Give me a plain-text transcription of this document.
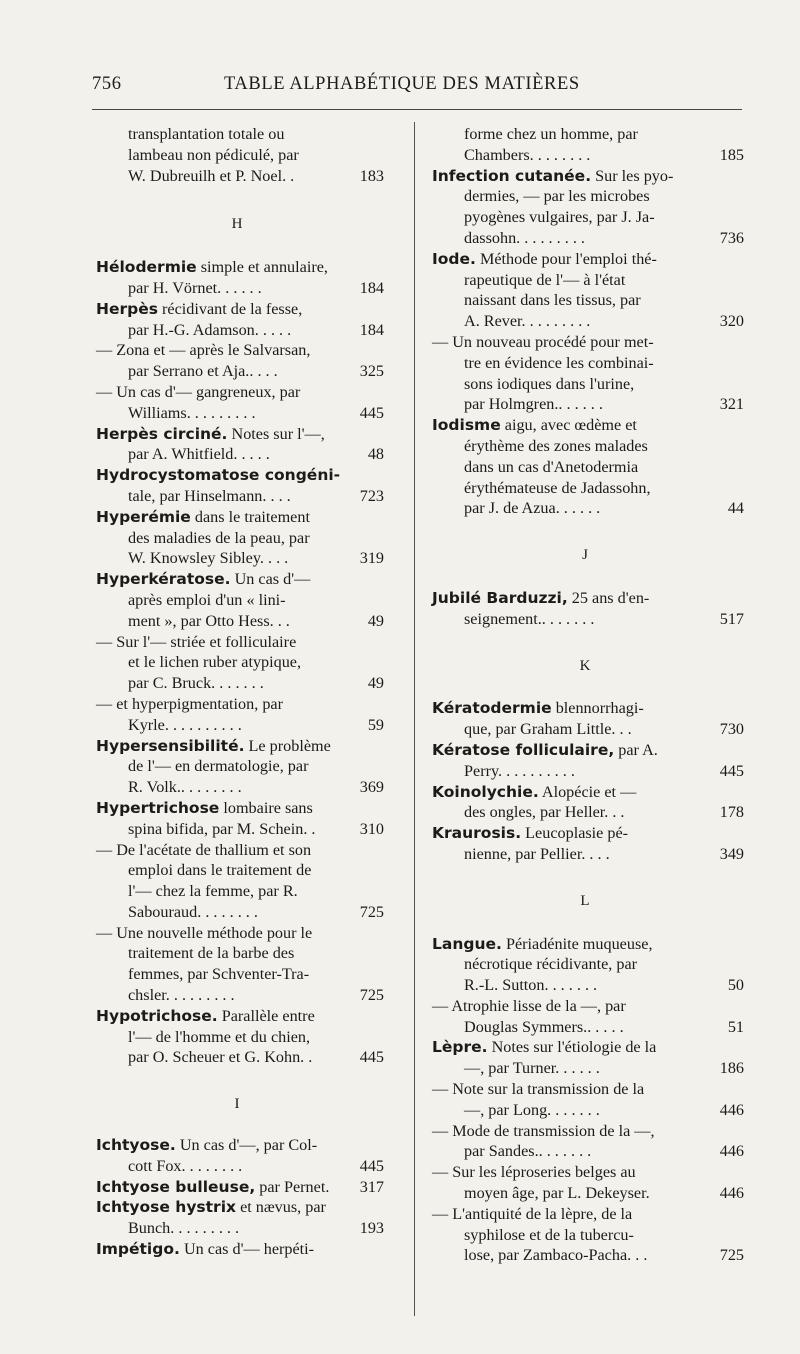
756	TABLE ALPHABÉTIQUE DES MATIÈRES
transplantation totale ou
lambeau non pédiculé, par
W. Dubreuilh et P. Noel. .	183
H
Hélodermie simple et annulaire,
par H. Vörnet. . . . . .	184
Herpès récidivant de la fesse,
par H.-G. Adamson. . . . .	184
— Zona et — après le Salvarsan,
par Serrano et Aja.. . . .	325
— Un cas d'— gangreneux, par
Williams. . . . . . . . .	445
Herpès circiné. Notes sur l'—,
par A. Whitfield. . . . .	48
Hydrocystomatose congéni-
tale, par Hinselmann. . . .	723
Hyperémie dans le traitement
des maladies de la peau, par
W. Knowsley Sibley. . . .	319
Hyperkératose. Un cas d'—
après emploi d'un « lini-
ment », par Otto Hess. . .	49
— Sur l'— striée et folliculaire
et le lichen ruber atypique,
par C. Bruck. . . . . . .	49
— et hyperpigmentation, par
Kyrle. . . . . . . . . .	59
Hypersensibilité. Le problème
de l'— en dermatologie, par
R. Volk.. . . . . . . .	369
Hypertrichose lombaire sans
spina bifida, par M. Schein. .	310
— De l'acétate de thallium et son
emploi dans le traitement de
l'— chez la femme, par R.
Sabouraud. . . . . . . .	725
— Une nouvelle méthode pour le
traitement de la barbe des
femmes, par Schventer-Tra-
chsler. . . . . . . . .	725
Hypotrichose. Parallèle entre
l'— de l'homme et du chien,
par O. Scheuer et G. Kohn. .	445
I
Ichtyose. Un cas d'—, par Col-
cott Fox. . . . . . . .	445
Ichtyose bulleuse, par Pernet. 317
Ichtyose hystrix et nævus, par
Bunch. . . . . . . . .	193
Impétigo. Un cas d'— herpéti-
forme chez un homme, par
Chambers. . . . . . . .	185
Infection cutanée. Sur les pyo-
dermies, — par les microbes
pyogènes vulgaires, par J. Ja-
dassohn. . . . . . . . .	736
Iode. Méthode pour l'emploi thé-
rapeutique de l'— à l'état
naissant dans les tissus, par
A. Rever. . . . . . . . .	320
— Un nouveau procédé pour met-
tre en évidence les combinai-
sons iodiques dans l'urine,
par Holmgren.. . . . . .	321
Iodisme aigu, avec œdème et
érythème des zones malades
dans un cas d'Anetodermia
érythémateuse de Jadassohn,
par J. de Azua. . . . . .	44
J
Jubilé Barduzzi, 25 ans d'en-
seignement.. . . . . . .	517
K
Kératodermie blennorrhagi-
que, par Graham Little. . .	730
Kératose folliculaire, par A.
Perry. . . . . . . . . .	445
Koinolychie. Alopécie et —
des ongles, par Heller. . .	178
Kraurosis. Leucoplasie pé-
nienne, par Pellier. . . .	349
L
Langue. Périadénite muqueuse,
nécrotique récidivante, par
R.-L. Sutton. . . . . . .	50
— Atrophie lisse de la —, par
Douglas Symmers.. . . . .	51
Lèpre. Notes sur l'étiologie de la
—, par Turner. . . . . .	186
— Note sur la transmission de la
—, par Long. . . . . . .	446
— Mode de transmission de la —,
par Sandes.. . . . . . .	446
— Sur les léproseries belges au
moyen âge, par L. Dekeyser.	446
— L'antiquité de la lèpre, de la
syphilose et de la tubercu-
lose, par Zambaco-Pacha. . .	725
